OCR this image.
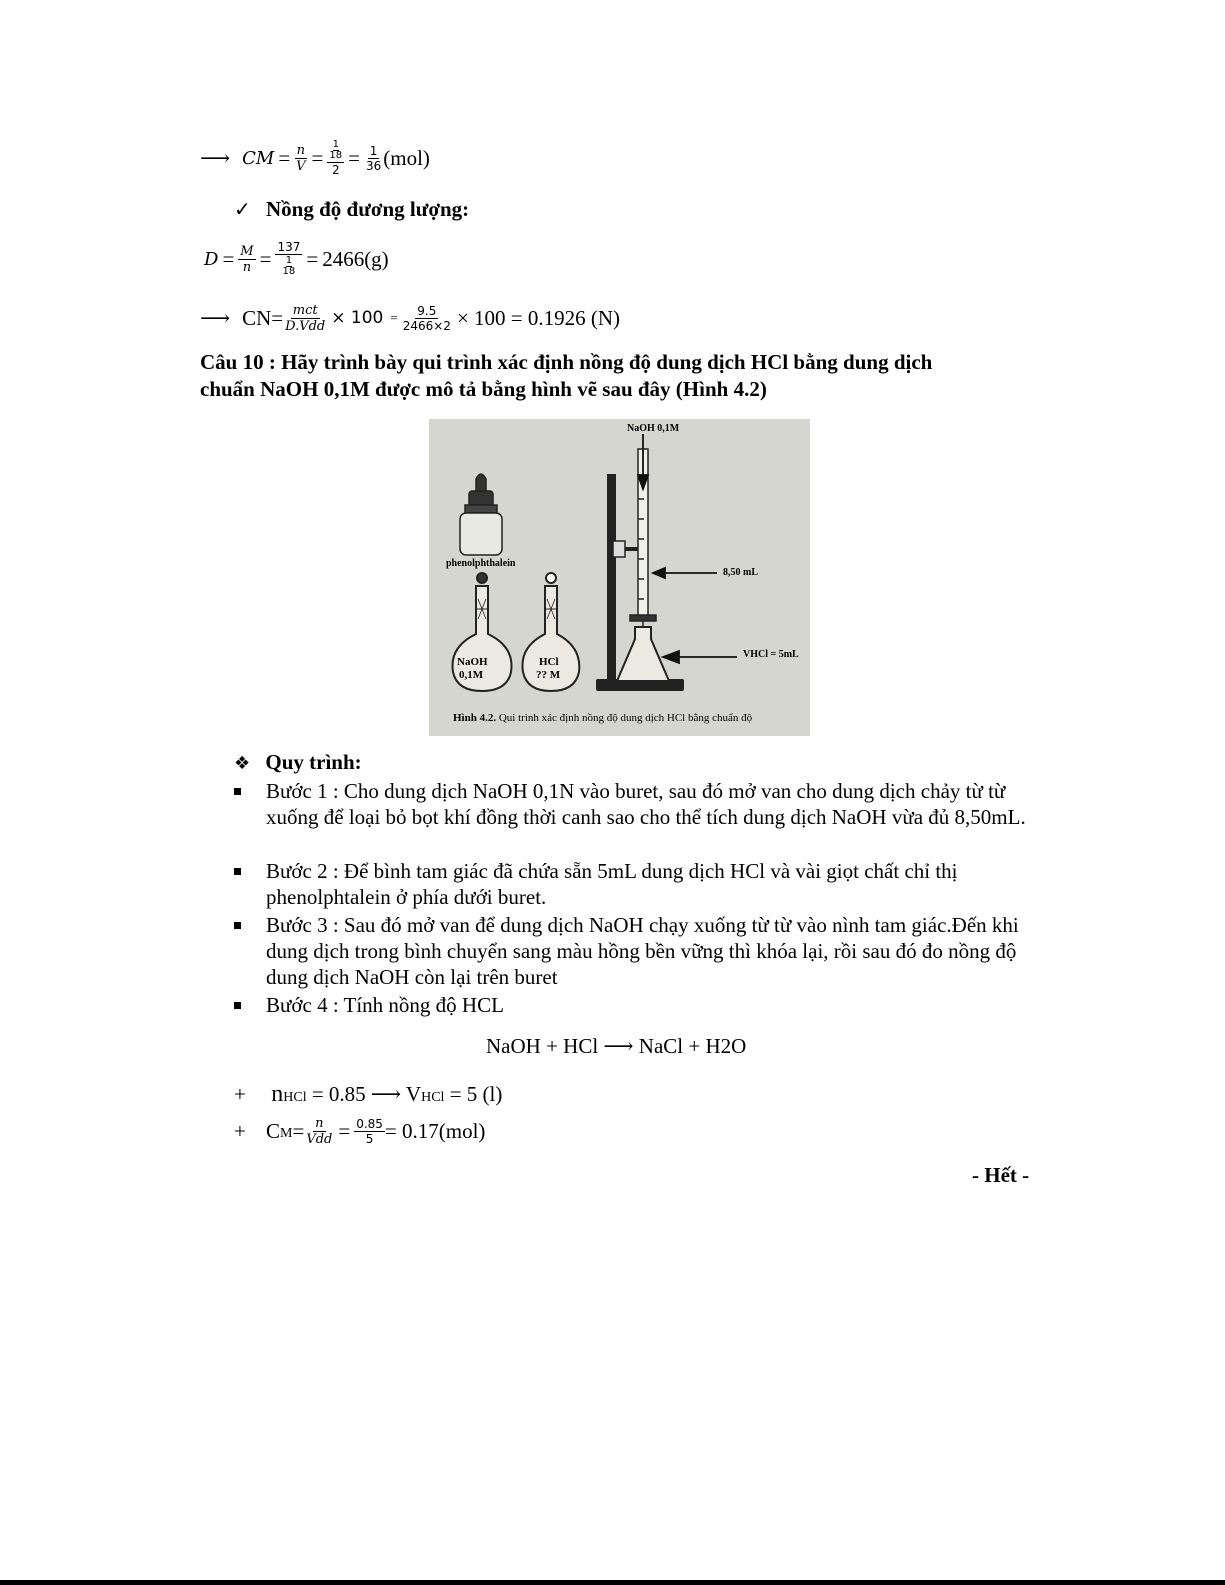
⟶ CM = $\frac{n}{V} = 1$
18
$2 = \frac{1}{36} (mol)$
✓ Nồng độ đương lượng:
$D = \frac{M}{n} = 137$
1
18 = 2466(g)
⟶ $CN= \frac{\text{mct}}{\text{D.Vdd}} \times 100 = \frac{9.5}{2466\times 2} \times 100 = 0.1926$ (N)
Câu 10 : Hãy trình bày qui trình xác định nồng độ dung dịch HCl bằng dung dịch
chuẩn NaOH 0,1M được mô tả bằng hình vẽ sau đây (Hình 4.2)
NaOH 0,1M
phenolphthalein
8,50 mL
VHCl = 5mL
NaOH
0,1M
HCl
?? M
Hình 4.2. Qui trình xác định nồng độ dung dịch HCl bằng chuẩn độ
❖ Quy trình:
Bước 1 : Cho dung dịch NaOH 0,1N vào buret, sau đó mở van cho dung dịch chảy từ từ xuống để loại bỏ bọt khí đồng thời canh sao cho thể tích dung dịch NaOH vừa đủ 8,50mL.
Bước 2 : Để bình tam giác đã chứa sẵn 5mL dung dịch HCl và vài giọt chất chỉ thị phenolphtalein ở phía dưới buret.
Bước 3 : Sau đó mở van để dung dịch NaOH chạy xuống từ từ vào nình tam giác.Đến khi dung dịch trong bình chuyển sang màu hồng bền vững thì khóa lại, rồi sau đó đo nồng độ dung dịch NaOH còn lại trên buret
Bước 4 : Tính nồng độ HCL
NaOH + HCl ⟶ NaCl + H2O
+ nHCl = 0.85 ⟶ VHCl = 5 (l)
+ C $M = \frac{n}{\text{Vdd}} = \frac{0.85}{5} = 0.17(mol)$
- Hết -
